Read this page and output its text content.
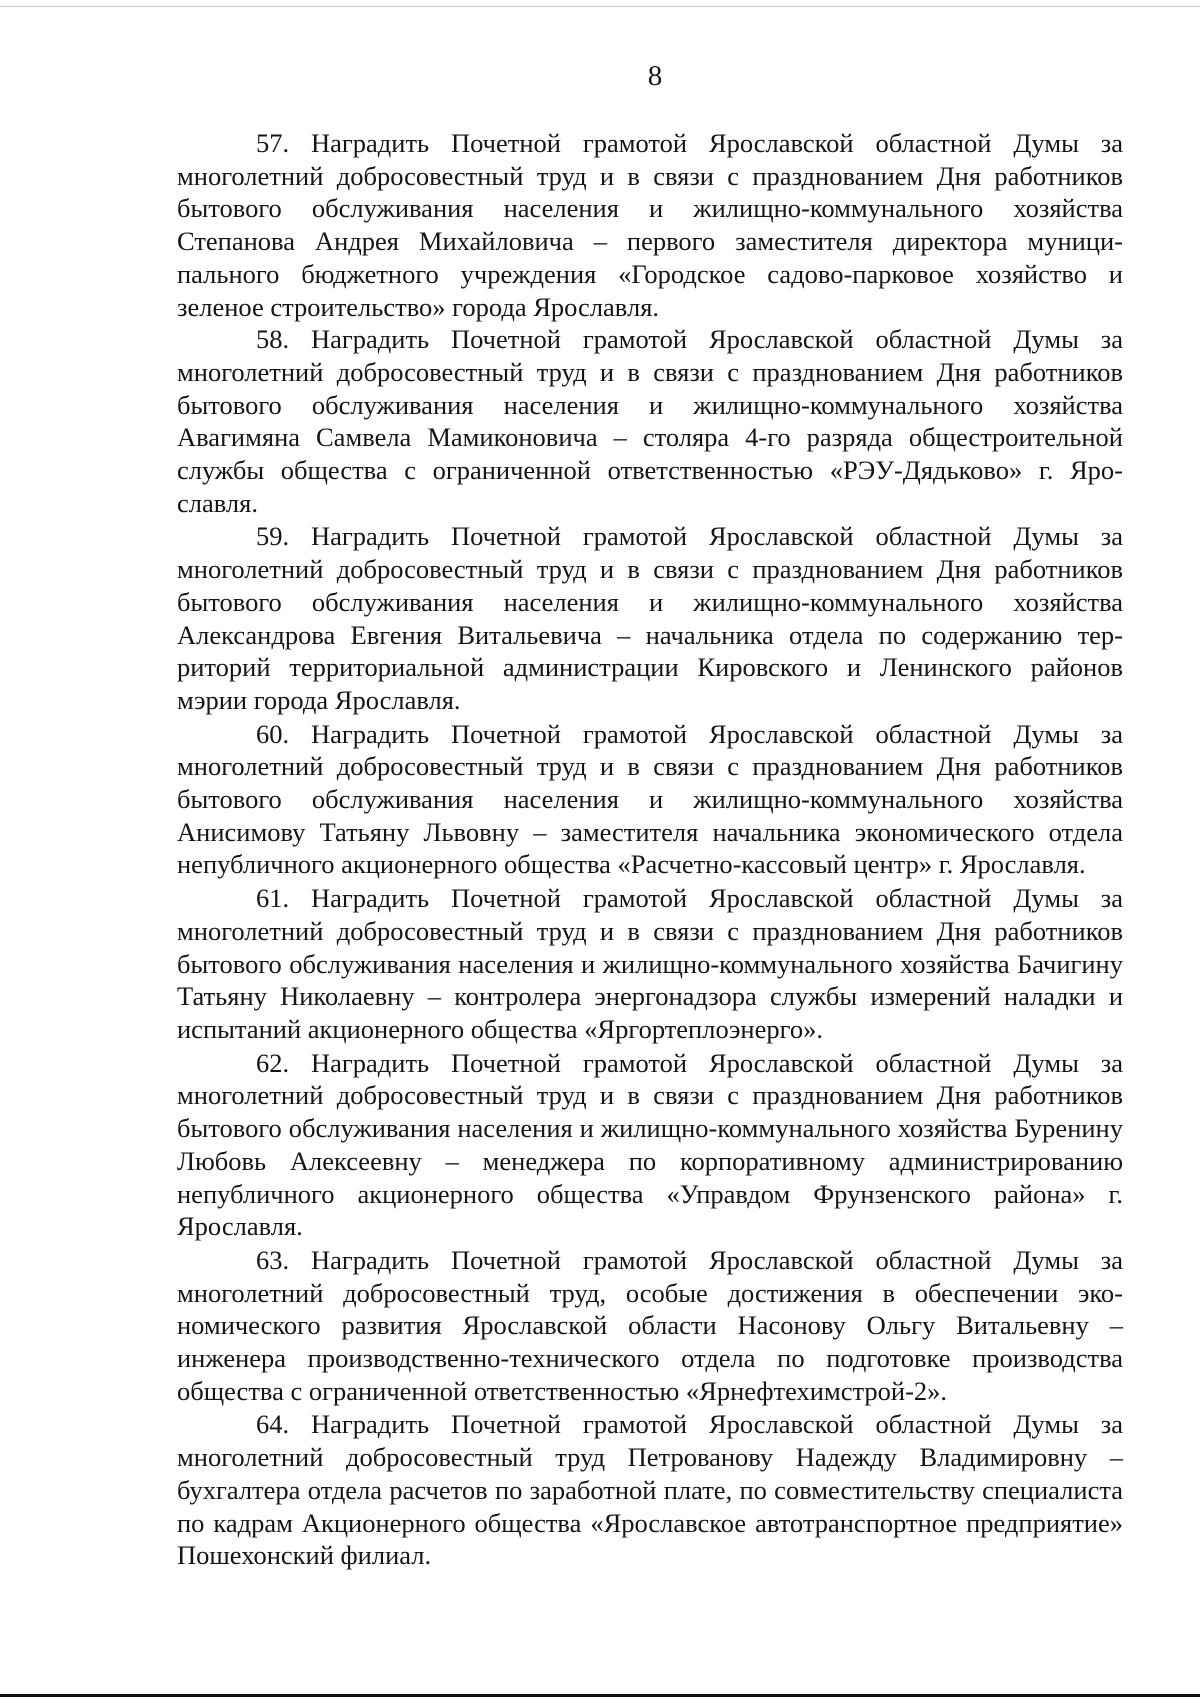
8

57. Наградить Почетной грамотой Ярославской областной Думы за многолетний добросовестный труд и в связи с празднованием Дня работников бытового обслуживания населения и жилищно-коммунального хозяйства Степанова Андрея Михайловича – первого заместителя директора муниципального бюджетного учреждения «Городское садово-парковое хозяйство и зеленое строительство» города Ярославля.

58. Наградить Почетной грамотой Ярославской областной Думы за многолетний добросовестный труд и в связи с празднованием Дня работников бытового обслуживания населения и жилищно-коммунального хозяйства Авагимяна Самвела Мамиконовича – столяра 4-го разряда общестроительной службы общества с ограниченной ответственностью «РЭУ-Дядьково» г. Ярославля.

59. Наградить Почетной грамотой Ярославской областной Думы за многолетний добросовестный труд и в связи с празднованием Дня работников бытового обслуживания населения и жилищно-коммунального хозяйства Александрова Евгения Витальевича – начальника отдела по содержанию территорий территориальной администрации Кировского и Ленинского районов мэрии города Ярославля.

60. Наградить Почетной грамотой Ярославской областной Думы за многолетний добросовестный труд и в связи с празднованием Дня работников бытового обслуживания населения и жилищно-коммунального хозяйства Анисимову Татьяну Львовну – заместителя начальника экономического отдела непубличного акционерного общества «Расчетно-кассовый центр» г. Ярославля.

61. Наградить Почетной грамотой Ярославской областной Думы за многолетний добросовестный труд и в связи с празднованием Дня работников бытового обслуживания населения и жилищно-коммунального хозяйства Бачигину Татьяну Николаевну – контролера энергонадзора службы измерений наладки и испытаний акционерного общества «Яргортеплоэнерго».

62. Наградить Почетной грамотой Ярославской областной Думы за многолетний добросовестный труд и в связи с празднованием Дня работников бытового обслуживания населения и жилищно-коммунального хозяйства Буренину Любовь Алексеевну – менеджера по корпоративному администрированию непубличного акционерного общества «Управдом Фрунзенского района» г. Ярославля.

63. Наградить Почетной грамотой Ярославской областной Думы за многолетний добросовестный труд, особые достижения в обеспечении экономического развития Ярославской области Насонову Ольгу Витальевну – инженера производственно-технического отдела по подготовке производства общества с ограниченной ответственностью «Ярнефтехимстрой-2».

64. Наградить Почетной грамотой Ярославской областной Думы за многолетний добросовестный труд Петрованову Надежду Владимировну – бухгалтера отдела расчетов по заработной плате, по совместительству специалиста по кадрам Акционерного общества «Ярославское автотранспортное предприятие» Пошехонский филиал.
